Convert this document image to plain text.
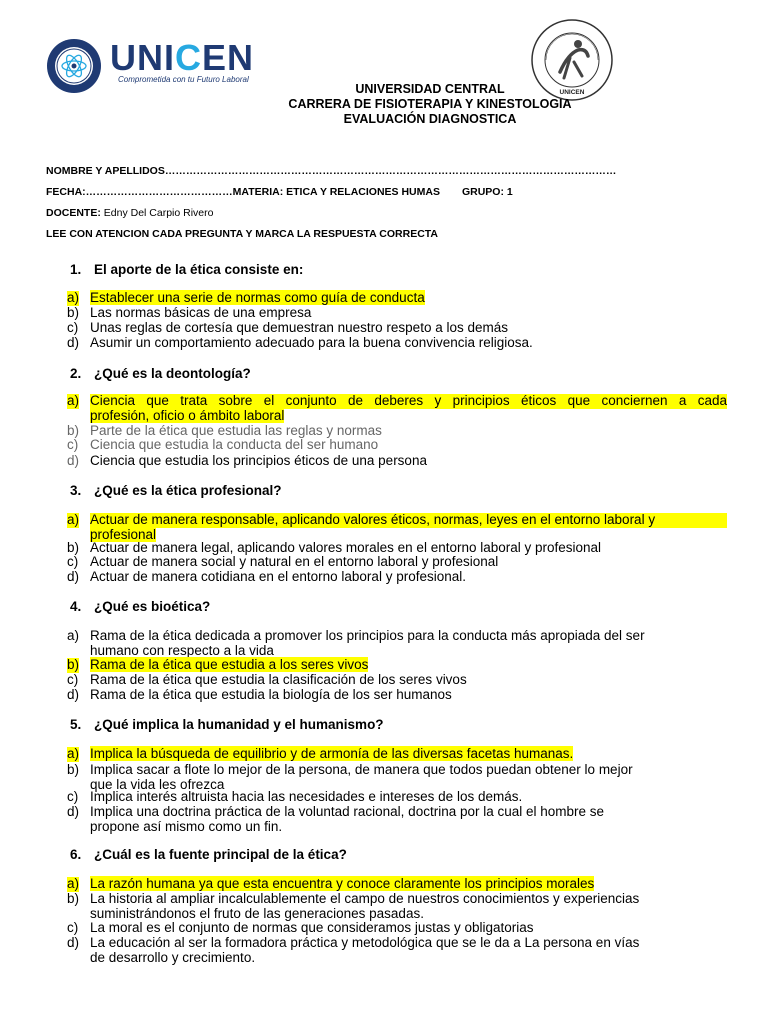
UNICEN
Comprometida con tu Futuro Laboral
UNICEN
UNIVERSIDAD CENTRAL
CARRERA DE FISIOTERAPIA Y KINESTOLOGIA
EVALUACIÓN DIAGNOSTICA
NOMBRE Y APELLIDOS…………………………………………………………………………………………………………………
FECHA:……………………………………MATERIA: ETICA Y RELACIONES HUMAS GRUPO: 1
DOCENTE: Edny Del Carpio Rivero
LEE CON ATENCION CADA PREGUNTA Y MARCA LA RESPUESTA CORRECTA
1. El aporte de la ética consiste en:
a) Establecer una serie de normas como guía de conducta
b) Las normas básicas de una empresa
c) Unas reglas de cortesía que demuestran nuestro respeto a los demás
d) Asumir un comportamiento adecuado para la buena convivencia religiosa.
2. ¿Qué es la deontología?
a) Ciencia que trata sobre el conjunto de deberes y principios éticos que conciernen a cada
profesión, oficio o ámbito laboral
b) Parte de la ética que estudia las reglas y normas
c) Ciencia que estudia la conducta del ser humano
d) Ciencia que estudia los principios éticos de una persona
3. ¿Qué es la ética profesional?
a) Actuar de manera responsable, aplicando valores éticos, normas, leyes en el entorno laboral y
profesional
b) Actuar de manera legal, aplicando valores morales en el entorno laboral y profesional
c) Actuar de manera social y natural en el entorno laboral y profesional
d) Actuar de manera cotidiana en el entorno laboral y profesional.
4. ¿Qué es bioética?
a) Rama de la ética dedicada a promover los principios para la conducta más apropiada del ser
humano con respecto a la vida
b) Rama de la ética que estudia a los seres vivos
c) Rama de la ética que estudia la clasificación de los seres vivos
d) Rama de la ética que estudia la biología de los ser humanos
5. ¿Qué implica la humanidad y el humanismo?
a) Implica la búsqueda de equilibrio y de armonía de las diversas facetas humanas.
b) Implica sacar a flote lo mejor de la persona, de manera que todos puedan obtener lo mejor
que la vida les ofrezca
c) Implica interés altruista hacia las necesidades e intereses de los demás.
d) Implica una doctrina práctica de la voluntad racional, doctrina por la cual el hombre se
propone así mismo como un fin.
6. ¿Cuál es la fuente principal de la ética?
a) La razón humana ya que esta encuentra y conoce claramente los principios morales
b) La historia al ampliar incalculablemente el campo de nuestros conocimientos y experiencias
suministrándonos el fruto de las generaciones pasadas.
c) La moral es el conjunto de normas que consideramos justas y obligatorias
d) La educación al ser la formadora práctica y metodológica que se le da a La persona en vías
de desarrollo y crecimiento.
